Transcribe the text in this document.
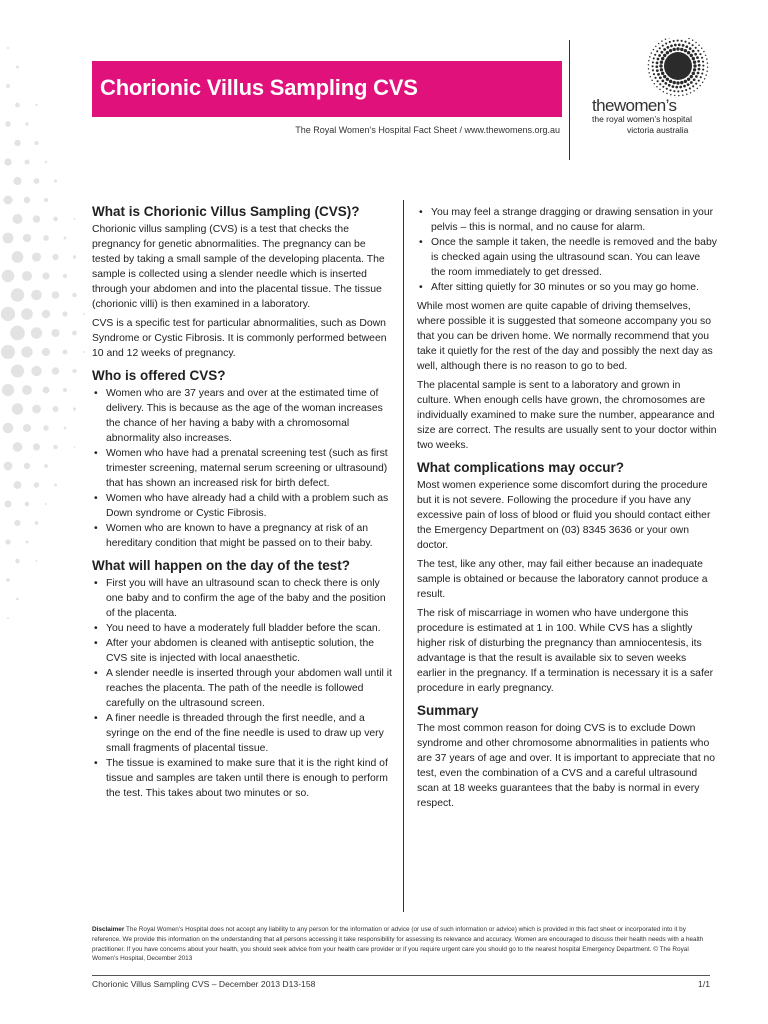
Chorionic Villus Sampling CVS
The Royal Women’s Hospital Fact Sheet / www.thewomens.org.au
thewomen’s
the royal women’s hospital
victoria australia
What is Chorionic Villus Sampling (CVS)?

Chorionic villus sampling (CVS) is a test that checks the pregnancy for genetic abnormalities. The pregnancy can be tested by taking a small sample of the developing placenta. The sample is collected using a slender needle which is inserted through your abdomen and into the placental tissue. The tissue (chorionic villi) is then examined in a laboratory.

CVS is a specific test for particular abnormalities, such as Down Syndrome or Cystic Fibrosis. It is commonly performed between 10 and 12 weeks of pregnancy.

Who is offered CVS?
• Women who are 37 years and over at the estimated time of delivery. This is because as the age of the woman increases the chance of her having a baby with a chromosomal abnormality also increases.
• Women who have had a prenatal screening test (such as first trimester screening, maternal serum screening or ultrasound) that has shown an increased risk for birth defect.
• Women who have already had a child with a problem such as Down syndrome or Cystic Fibrosis.
• Women who are known to have a pregnancy at risk of an hereditary condition that might be passed on to their baby.
What will happen on the day of the test?
• First you will have an ultrasound scan to check there is only one baby and to confirm the age of the baby and the position of the placenta.
• You need to have a moderately full bladder before the scan.
• After your abdomen is cleaned with antiseptic solution, the CVS site is injected with local anaesthetic.
• A slender needle is inserted through your abdomen wall until it reaches the placenta. The path of the needle is followed carefully on the ultrasound screen.
• A finer needle is threaded through the first needle, and a syringe on the end of the fine needle is used to draw up very small fragments of placental tissue.
• The tissue is examined to make sure that it is the right kind of tissue and samples are taken until there is enough to perform the test. This takes about two minutes or so.
• You may feel a strange dragging or drawing sensation in your pelvis – this is normal, and no cause for alarm.
• Once the sample it taken, the needle is removed and the baby is checked again using the ultrasound scan. You can leave the room immediately to get dressed.
• After sitting quietly for 30 minutes or so you may go home.

While most women are quite capable of driving themselves, where possible it is suggested that someone accompany you so that you can be driven home. We normally recommend that you take it quietly for the rest of the day and possibly the next day as well, although there is no reason to go to bed.

The placental sample is sent to a laboratory and grown in culture. When enough cells have grown, the chromosomes are individually examined to make sure the number, appearance and size are correct. The results are usually sent to your doctor within two weeks.

What complications may occur?

Most women experience some discomfort during the procedure but it is not severe. Following the procedure if you have any excessive pain of loss of blood or fluid you should contact either the Emergency Department on (03) 8345 3636 or your own doctor.

The test, like any other, may fail either because an inadequate sample is obtained or because the laboratory cannot produce a result.

The risk of miscarriage in women who have undergone this procedure is estimated at 1 in 100. While CVS has a slightly higher risk of disturbing the pregnancy than amniocentesis, its advantage is that the result is available six to seven weeks earlier in the pregnancy. If a termination is necessary it is a safer procedure in early pregnancy.

Summary

The most common reason for doing CVS is to exclude Down syndrome and other chromosome abnormalities in patients who are 37 years of age and over. It is important to appreciate that no test, even the combination of a CVS and a careful ultrasound scan at 18 weeks guarantees that the baby is normal in every respect.

Disclaimer The Royal Women’s Hospital does not accept any liability to any person for the information or advice (or use of such information or advice) which is provided in this fact sheet or incorporated into it by reference. We provide this information on the understanding that all persons accessing it take responsibility for assessing its relevance and accuracy. Women are encouraged to discuss their health needs with a health practitioner. If you have concerns about your health, you should seek advice from your health care provider or if you require urgent care you should go to the nearest hospital Emergency Department. © The Royal Women’s Hospital, December 2013
Chorionic Villus Sampling CVS – December 2013 D13-158	1/1
